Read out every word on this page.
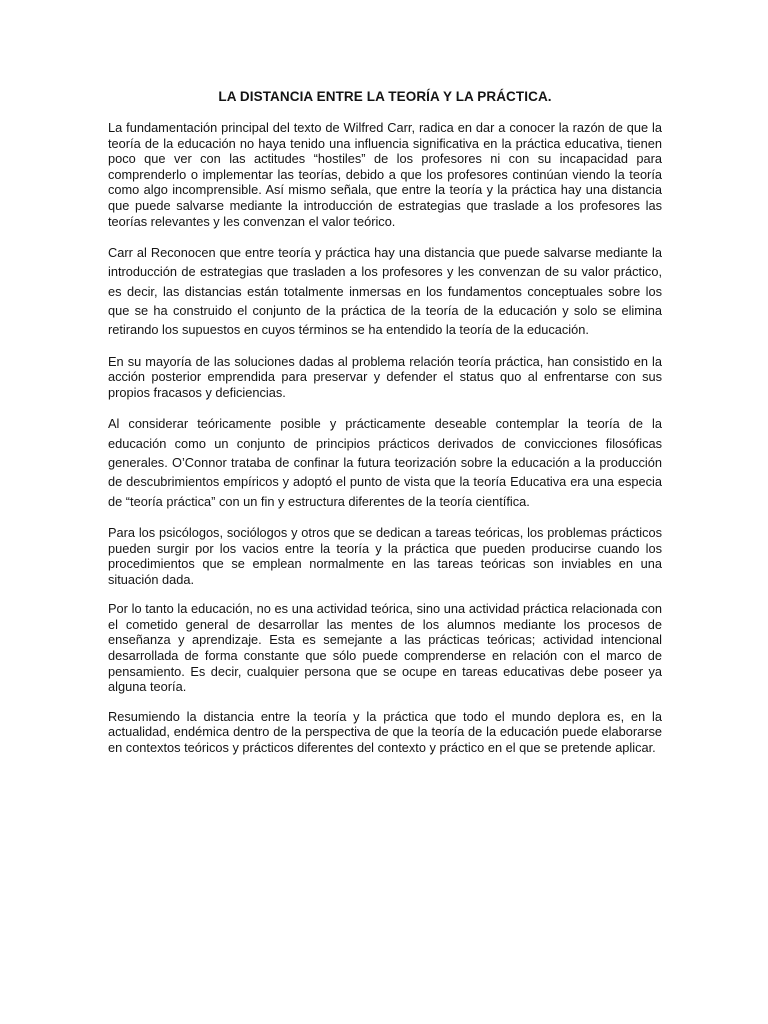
LA DISTANCIA ENTRE LA TEORÍA Y LA PRÁCTICA.

La fundamentación principal del texto de Wilfred Carr, radica en dar a conocer la razón de que la teoría de la educación no haya tenido una influencia significativa en la práctica educativa, tienen poco que ver con las actitudes “hostiles” de los profesores ni con su incapacidad para comprenderlo o implementar las teorías, debido a que los profesores continúan viendo la teoría como algo incomprensible. Así mismo señala, que entre la teoría y la práctica hay una distancia que puede salvarse mediante la introducción de estrategias que traslade a los profesores las teorías relevantes y les convenzan el valor teórico.

Carr al Reconocen que entre teoría y práctica hay una distancia que puede salvarse mediante la introducción de estrategias que trasladen a los profesores y les convenzan de su valor práctico, es decir, las distancias están totalmente inmersas en los fundamentos conceptuales sobre los que se ha construido el conjunto de la práctica de la teoría de la educación y solo se elimina retirando los supuestos en cuyos términos se ha entendido la teoría de la educación.

En su mayoría de las soluciones dadas al problema relación teoría práctica, han consistido en la acción posterior emprendida para preservar y defender el status quo al enfrentarse con sus propios fracasos y deficiencias.

Al considerar teóricamente posible y prácticamente deseable contemplar la teoría de la educación como un conjunto de principios prácticos derivados de convicciones filosóficas generales. O’Connor trataba de confinar la futura teorización sobre la educación a la producción de descubrimientos empíricos y adoptó el punto de vista que la teoría Educativa era una especia de “teoría práctica” con un fin y estructura diferentes de la teoría científica.

Para los psicólogos, sociólogos y otros que se dedican a tareas teóricas, los problemas prácticos pueden surgir por los vacios entre la teoría y la práctica que pueden producirse cuando los procedimientos que se emplean normalmente en las tareas teóricas son inviables en una situación dada.

Por lo tanto la educación, no es una actividad teórica, sino una actividad práctica relacionada con el cometido general de desarrollar las mentes de los alumnos mediante los procesos de enseñanza y aprendizaje. Esta es semejante a las prácticas teóricas; actividad intencional desarrollada de forma constante que sólo puede comprenderse en relación con el marco de pensamiento. Es decir, cualquier persona que se ocupe en tareas educativas debe poseer ya alguna teoría.

Resumiendo la distancia entre la teoría y la práctica que todo el mundo deplora es, en la actualidad, endémica dentro de la perspectiva de que la teoría de la educación puede elaborarse en contextos teóricos y prácticos diferentes del contexto y práctico en el que se pretende aplicar.
